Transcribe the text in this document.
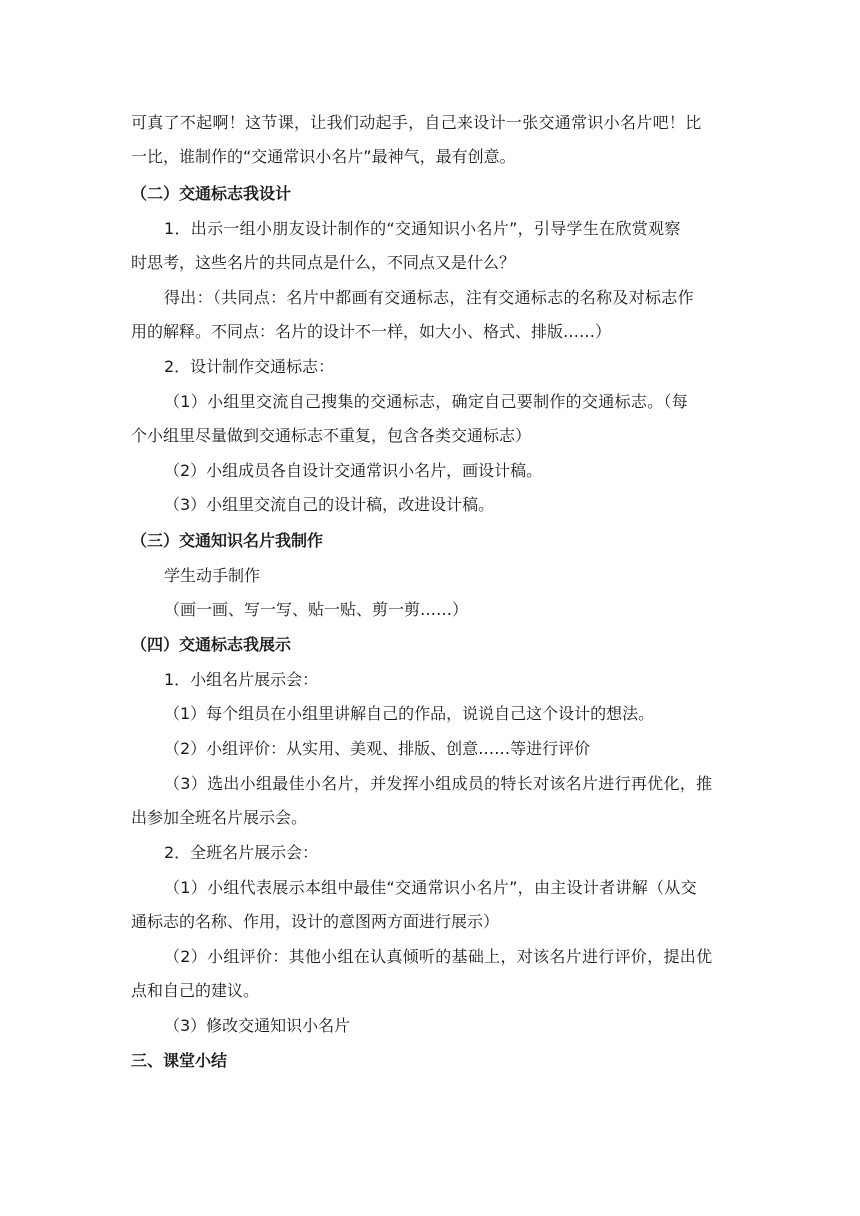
可真了不起啊！这节课，让我们动起手，自己来设计一张交通常识小名片吧！比
一比，谁制作的“交通常识小名片”最神气，最有创意。
（二）交通标志我设计
1．出示一组小朋友设计制作的“交通知识小名片”，引导学生在欣赏观察
时思考，这些名片的共同点是什么，不同点又是什么？
得出：（共同点：名片中都画有交通标志，注有交通标志的名称及对标志作
用的解释。不同点：名片的设计不一样，如大小、格式、排版……）
2．设计制作交通标志：
（1）小组里交流自己搜集的交通标志，确定自己要制作的交通标志。（每
个小组里尽量做到交通标志不重复，包含各类交通标志）
（2）小组成员各自设计交通常识小名片，画设计稿。
（3）小组里交流自己的设计稿，改进设计稿。
（三）交通知识名片我制作
学生动手制作
（画一画、写一写、贴一贴、剪一剪……）
（四）交通标志我展示
1．小组名片展示会：
（1）每个组员在小组里讲解自己的作品，说说自己这个设计的想法。
（2）小组评价：从实用、美观、排版、创意……等进行评价
（3）选出小组最佳小名片，并发挥小组成员的特长对该名片进行再优化，推
出参加全班名片展示会。
2．全班名片展示会：
（1）小组代表展示本组中最佳“交通常识小名片”，由主设计者讲解（从交
通标志的名称、作用，设计的意图两方面进行展示）
（2）小组评价：其他小组在认真倾听的基础上，对该名片进行评价，提出优
点和自己的建议。
（3）修改交通知识小名片
三、课堂小结
